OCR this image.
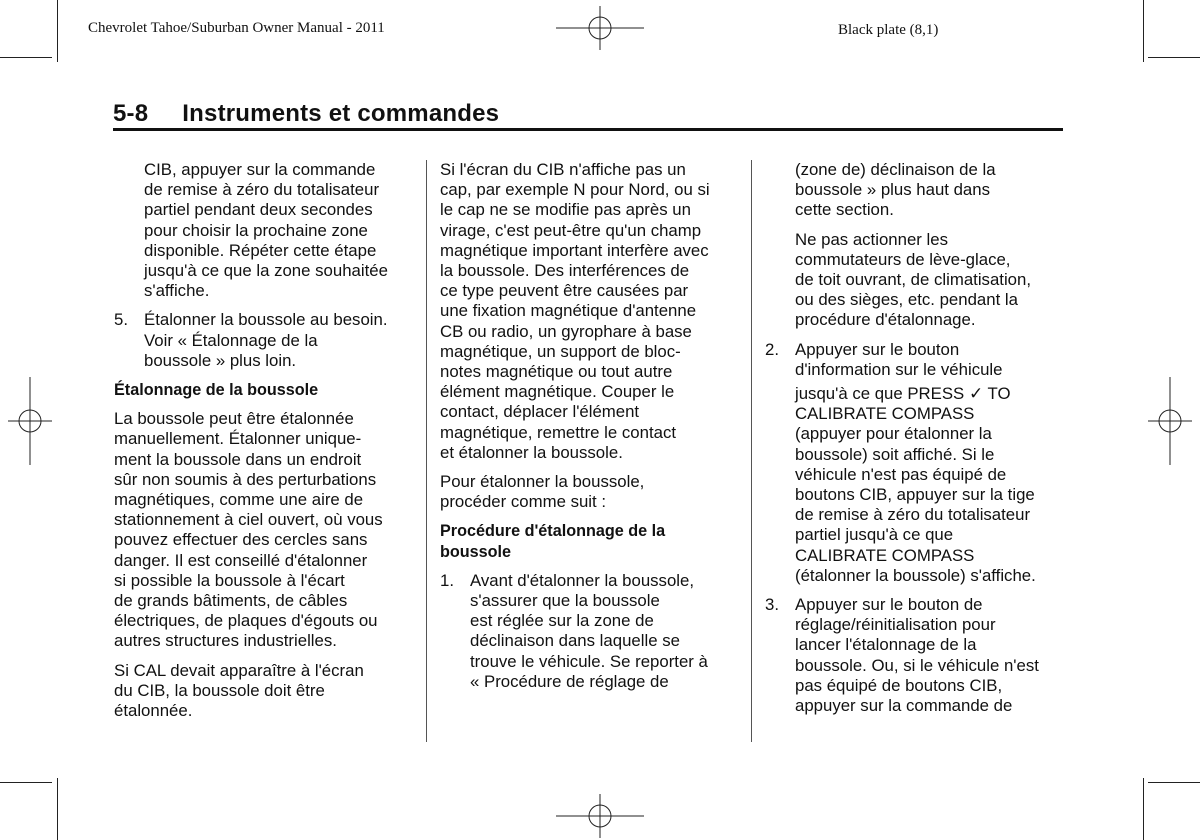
Chevrolet Tahoe/Suburban Owner Manual - 2011	Black plate (8,1)
5-8 Instruments et commandes

CIB, appuyer sur la commande
de remise à zéro du totalisateur
partiel pendant deux secondes
pour choisir la prochaine zone
disponible. Répéter cette étape
jusqu'à ce que la zone souhaitée
s'affiche.

5. Étalonner la boussole au besoin.
Voir « Étalonnage de la
boussole » plus loin.
Étalonnage de la boussole

La boussole peut être étalonnée
manuellement. Étalonner unique-
ment la boussole dans un endroit
sûr non soumis à des perturbations
magnétiques, comme une aire de
stationnement à ciel ouvert, où vous
pouvez effectuer des cercles sans
danger. Il est conseillé d'étalonner
si possible la boussole à l'écart
de grands bâtiments, de câbles
électriques, de plaques d'égouts ou
autres structures industrielles.

Si CAL devait apparaître à l'écran
du CIB, la boussole doit être
étalonnée.

Si l'écran du CIB n'affiche pas un
cap, par exemple N pour Nord, ou si
le cap ne se modifie pas après un
virage, c'est peut-être qu'un champ
magnétique important interfère avec
la boussole. Des interférences de
ce type peuvent être causées par
une fixation magnétique d'antenne
CB ou radio, un gyrophare à base
magnétique, un support de bloc-
notes magnétique ou tout autre
élément magnétique. Couper le
contact, déplacer l'élément
magnétique, remettre le contact
et étalonner la boussole.

Pour étalonner la boussole,
procéder comme suit :

Procédure d'étalonnage de la
boussole
1. Avant d'étalonner la boussole,
s'assurer que la boussole
est réglée sur la zone de
déclinaison dans laquelle se
trouve le véhicule. Se reporter à
« Procédure de réglage de

(zone de) déclinaison de la
boussole » plus haut dans
cette section.

Ne pas actionner les
commutateurs de lève-glace,
de toit ouvrant, de climatisation,
ou des sièges, etc. pendant la
procédure d'étalonnage.

2. Appuyer sur le bouton
d'information sur le véhicule
jusqu'à ce que PRESS ✓ TO
CALIBRATE COMPASS
(appuyer pour étalonner la
boussole) soit affiché. Si le
véhicule n'est pas équipé de
boutons CIB, appuyer sur la tige
de remise à zéro du totalisateur
partiel jusqu'à ce que
CALIBRATE COMPASS
(étalonner la boussole) s'affiche.
3. Appuyer sur le bouton de
réglage/réinitialisation pour
lancer l'étalonnage de la
boussole. Ou, si le véhicule n'est
pas équipé de boutons CIB,
appuyer sur la commande de
